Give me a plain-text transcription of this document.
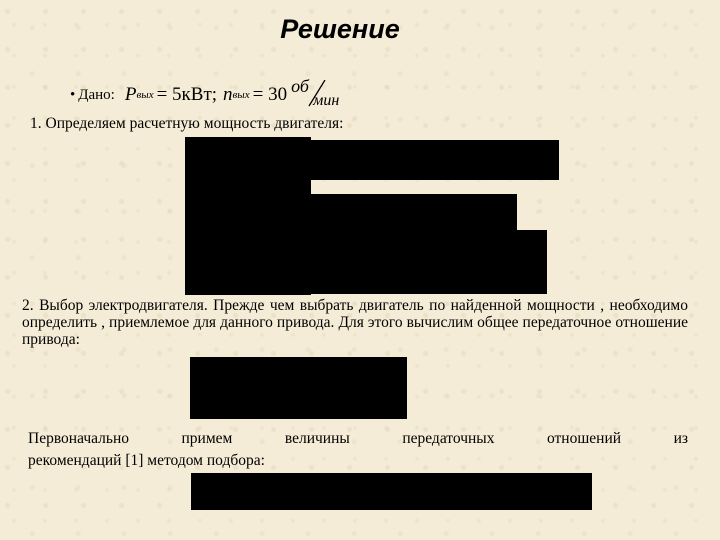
Решение
• Дано: P вых = 5кВт; n вых = 30 об
мин
1. Определяем расчетную мощность двигателя:
2. Выбор электродвигателя. Прежде чем выбрать двигатель по найденной мощности , необходимо определить , приемлемое для данного привода. Для этого вычислим общее передаточное отношение привода:
Первоначально	примем	величины	передаточных	отношений	из
рекомендаций [1] методом подбора:
